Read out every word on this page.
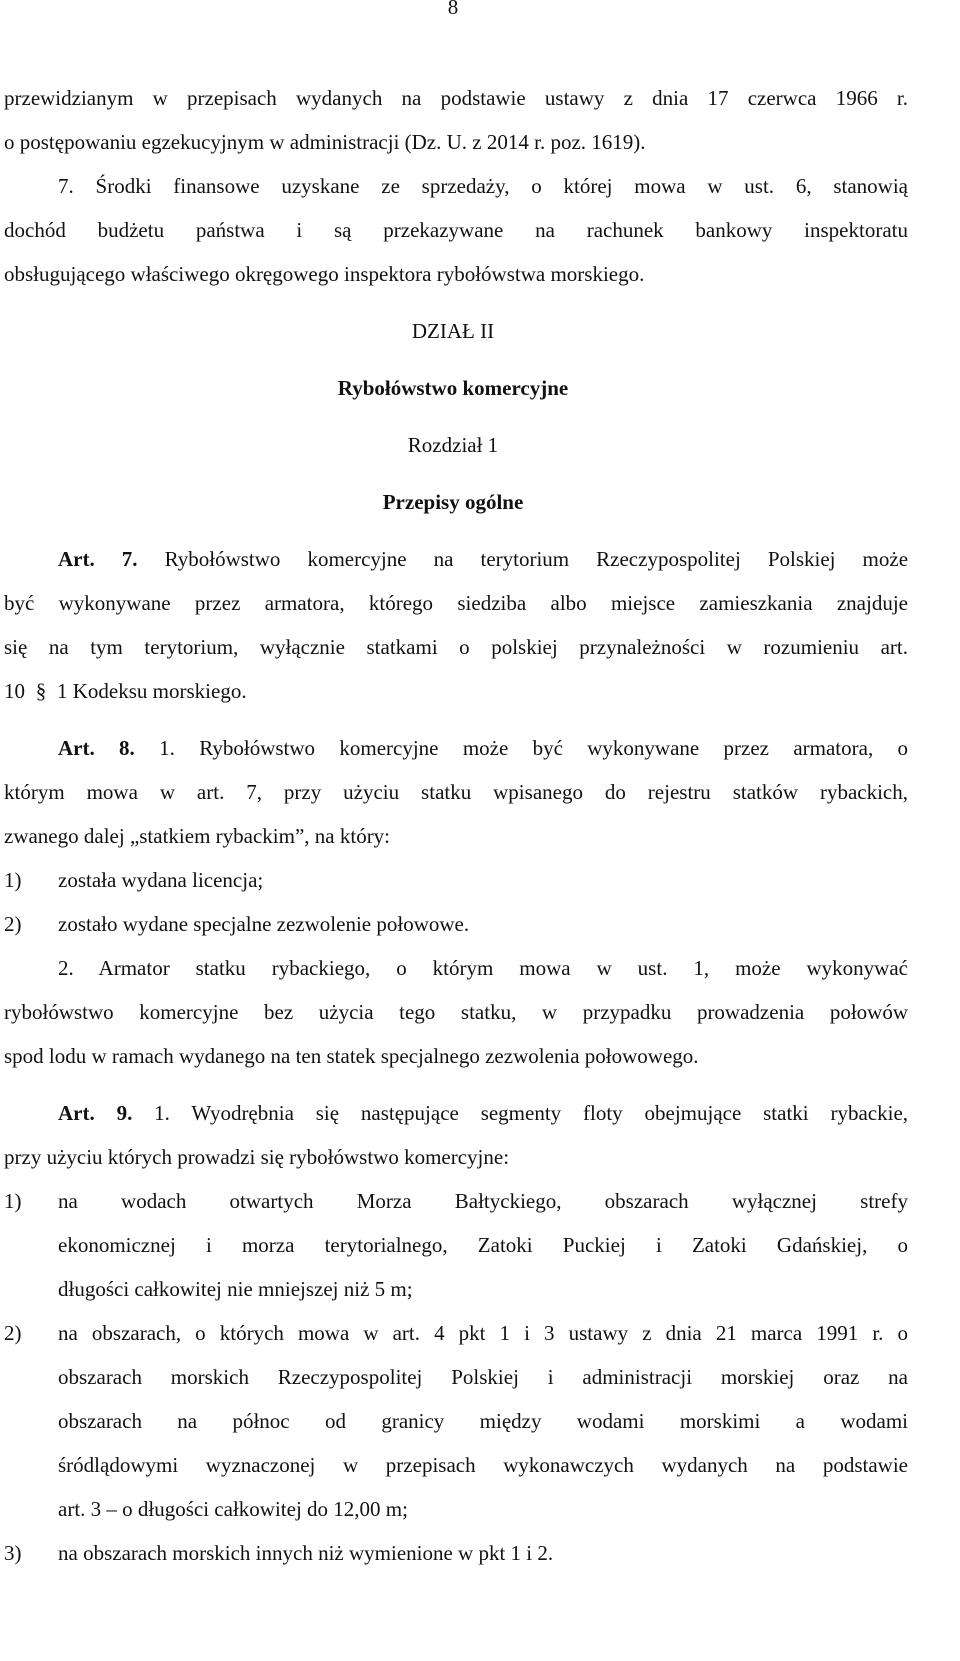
8
przewidzianym w przepisach wydanych na podstawie ustawy z dnia 17 czerwca 1966 r.
o postępowaniu egzekucyjnym w administracji (Dz. U. z 2014 r. poz. 1619).
7. Środki finansowe uzyskane ze sprzedaży, o której mowa w ust. 6, stanowią
dochód budżetu państwa i są przekazywane na rachunek bankowy inspektoratu
obsługującego właściwego okręgowego inspektora rybołówstwa morskiego.
DZIAŁ II
Rybołówstwo komercyjne
Rozdział 1
Przepisy ogólne
Art. 7. Rybołówstwo komercyjne na terytorium Rzeczypospolitej Polskiej może
być wykonywane przez armatora, którego siedziba albo miejsce zamieszkania znajduje
się na tym terytorium, wyłącznie statkami o polskiej przynależności w rozumieniu art.
10 § 1 Kodeksu morskiego.
Art. 8. 1. Rybołówstwo komercyjne może być wykonywane przez armatora, o
którym mowa w art. 7, przy użyciu statku wpisanego do rejestru statków rybackich,
zwanego dalej „statkiem rybackim”, na który:
1) została wydana licencja;
2) zostało wydane specjalne zezwolenie połowowe.
2. Armator statku rybackiego, o którym mowa w ust. 1, może wykonywać
rybołówstwo komercyjne bez użycia tego statku, w przypadku prowadzenia połowów
spod lodu w ramach wydanego na ten statek specjalnego zezwolenia połowowego.
Art. 9. 1. Wyodrębnia się następujące segmenty floty obejmujące statki rybackie,
przy użyciu których prowadzi się rybołówstwo komercyjne:
1) na wodach otwartych Morza Bałtyckiego, obszarach wyłącznej strefy
ekonomicznej i morza terytorialnego, Zatoki Puckiej i Zatoki Gdańskiej, o
długości całkowitej nie mniejszej niż 5 m;
2) na obszarach, o których mowa w art. 4 pkt 1 i 3 ustawy z dnia 21 marca 1991 r. o
obszarach morskich Rzeczypospolitej Polskiej i administracji morskiej oraz na
obszarach na północ od granicy między wodami morskimi a wodami
śródlądowymi wyznaczonej w przepisach wykonawczych wydanych na podstawie
art. 3 – o długości całkowitej do 12,00 m;
3) na obszarach morskich innych niż wymienione w pkt 1 i 2.
